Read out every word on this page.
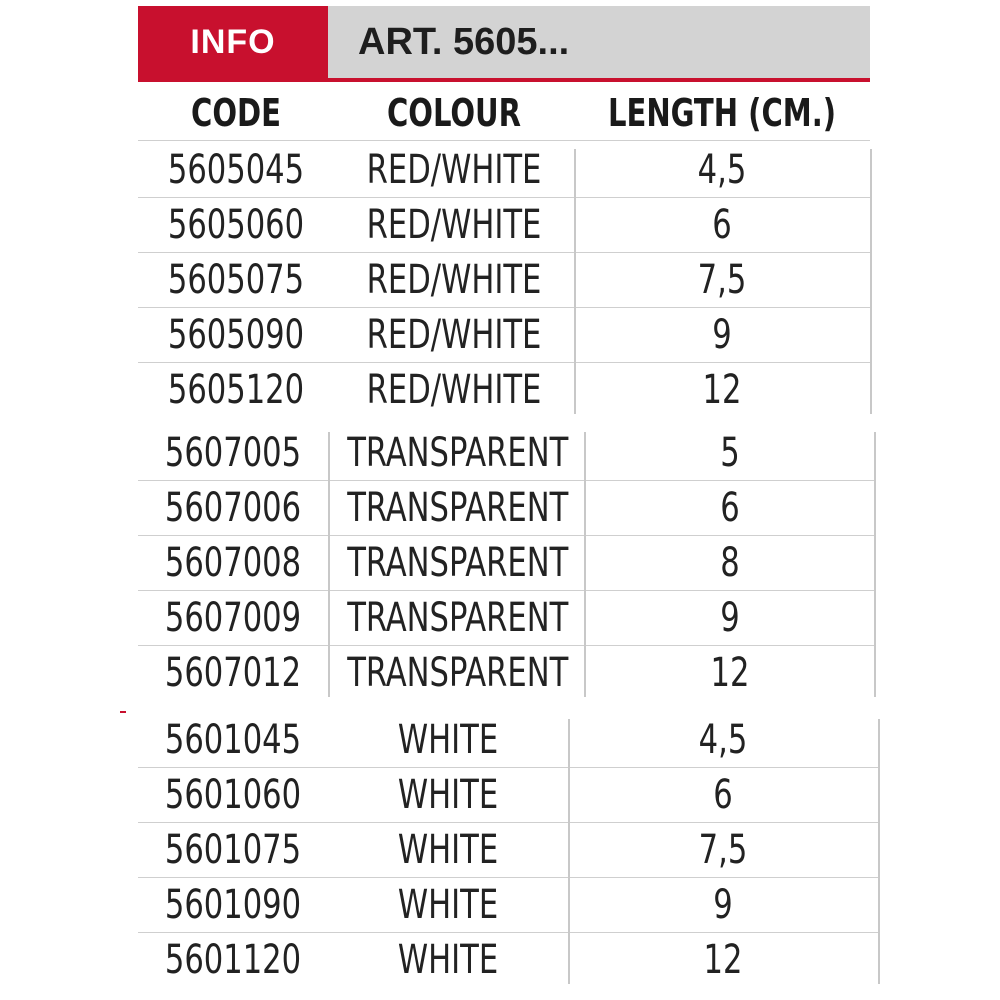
INFO	ART. 5605...
CODE	COLOUR	LENGTH (CM.)
5605045	RED/WHITE	4,5
5605060	RED/WHITE	6
5605075	RED/WHITE	7,5
5605090	RED/WHITE	9
5605120	RED/WHITE	12
5607005	TRANSPARENT	5
5607006	TRANSPARENT	6
5607008	TRANSPARENT	8
5607009	TRANSPARENT	9
5607012	TRANSPARENT	12
5601045	WHITE	4,5
5601060	WHITE	6
5601075	WHITE	7,5
5601090	WHITE	9
5601120	WHITE	12
